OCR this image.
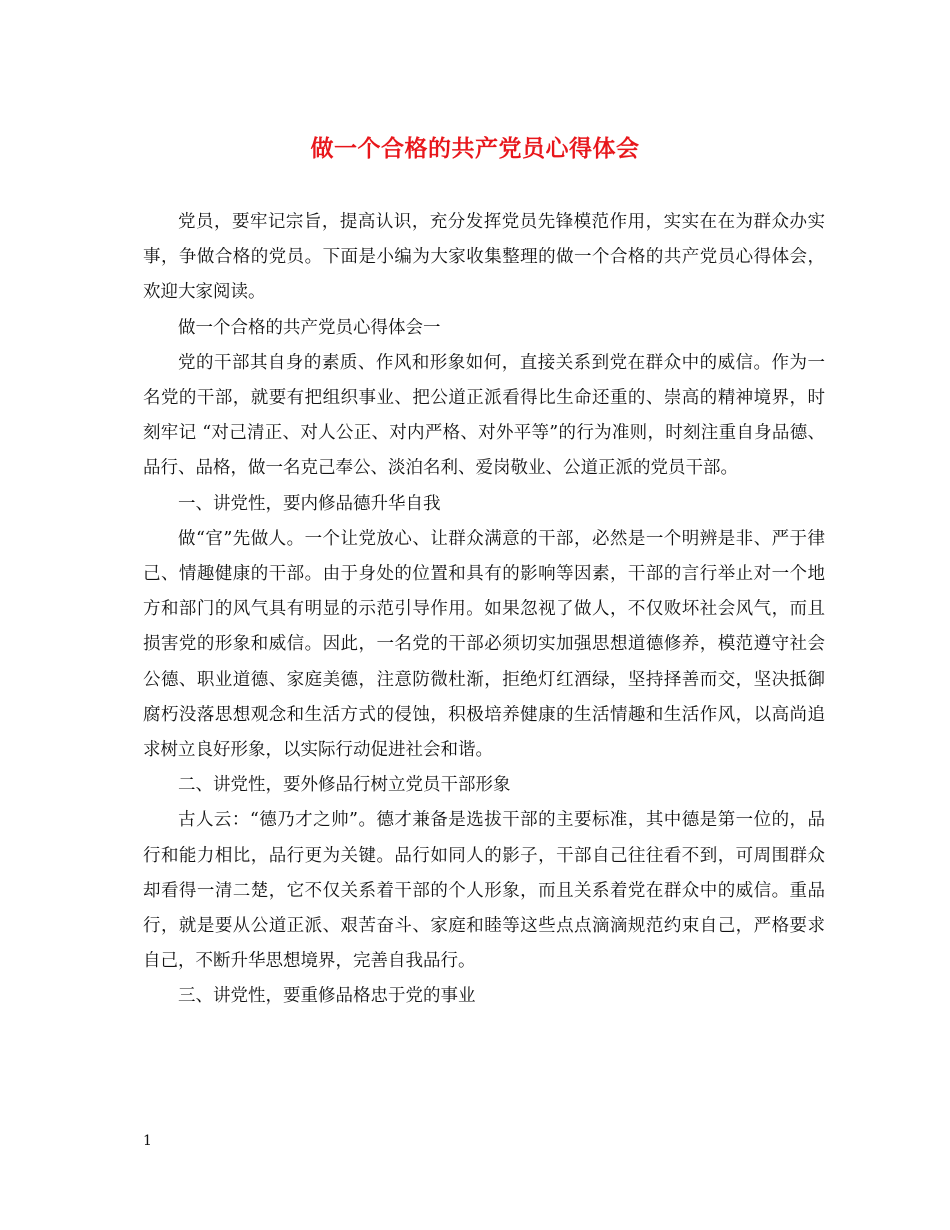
做一个合格的共产党员心得体会

党员，要牢记宗旨，提高认识，充分发挥党员先锋模范作用，实实在在为群众办实事，争做合格的党员。下面是小编为大家收集整理的做一个合格的共产党员心得体会，欢迎大家阅读。

做一个合格的共产党员心得体会一

党的干部其自身的素质、作风和形象如何，直接关系到党在群众中的威信。作为一名党的干部，就要有把组织事业、把公道正派看得比生命还重的、崇高的精神境界，时刻牢记 “对己清正、对人公正、对内严格、对外平等”的行为准则，时刻注重自身品德、品行、品格，做一名克己奉公、淡泊名利、爱岗敬业、公道正派的党员干部。

一、讲党性，要内修品德升华自我

做“官”先做人。一个让党放心、让群众满意的干部，必然是一个明辨是非、严于律己、情趣健康的干部。由于身处的位置和具有的影响等因素，干部的言行举止对一个地方和部门的风气具有明显的示范引导作用。如果忽视了做人，不仅败坏社会风气，而且损害党的形象和威信。因此，一名党的干部必须切实加强思想道德修养，模范遵守社会公德、职业道德、家庭美德，注意防微杜渐，拒绝灯红酒绿，坚持择善而交，坚决抵御腐朽没落思想观念和生活方式的侵蚀，积极培养健康的生活情趣和生活作风，以高尚追求树立良好形象，以实际行动促进社会和谐。

二、讲党性，要外修品行树立党员干部形象

古人云：“德乃才之帅”。德才兼备是选拔干部的主要标准，其中德是第一位的，品行和能力相比，品行更为关键。品行如同人的影子，干部自己往往看不到，可周围群众却看得一清二楚，它不仅关系着干部的个人形象，而且关系着党在群众中的威信。重品行，就是要从公道正派、艰苦奋斗、家庭和睦等这些点点滴滴规范约束自己，严格要求自己，不断升华思想境界，完善自我品行。

三、讲党性，要重修品格忠于党的事业

1
